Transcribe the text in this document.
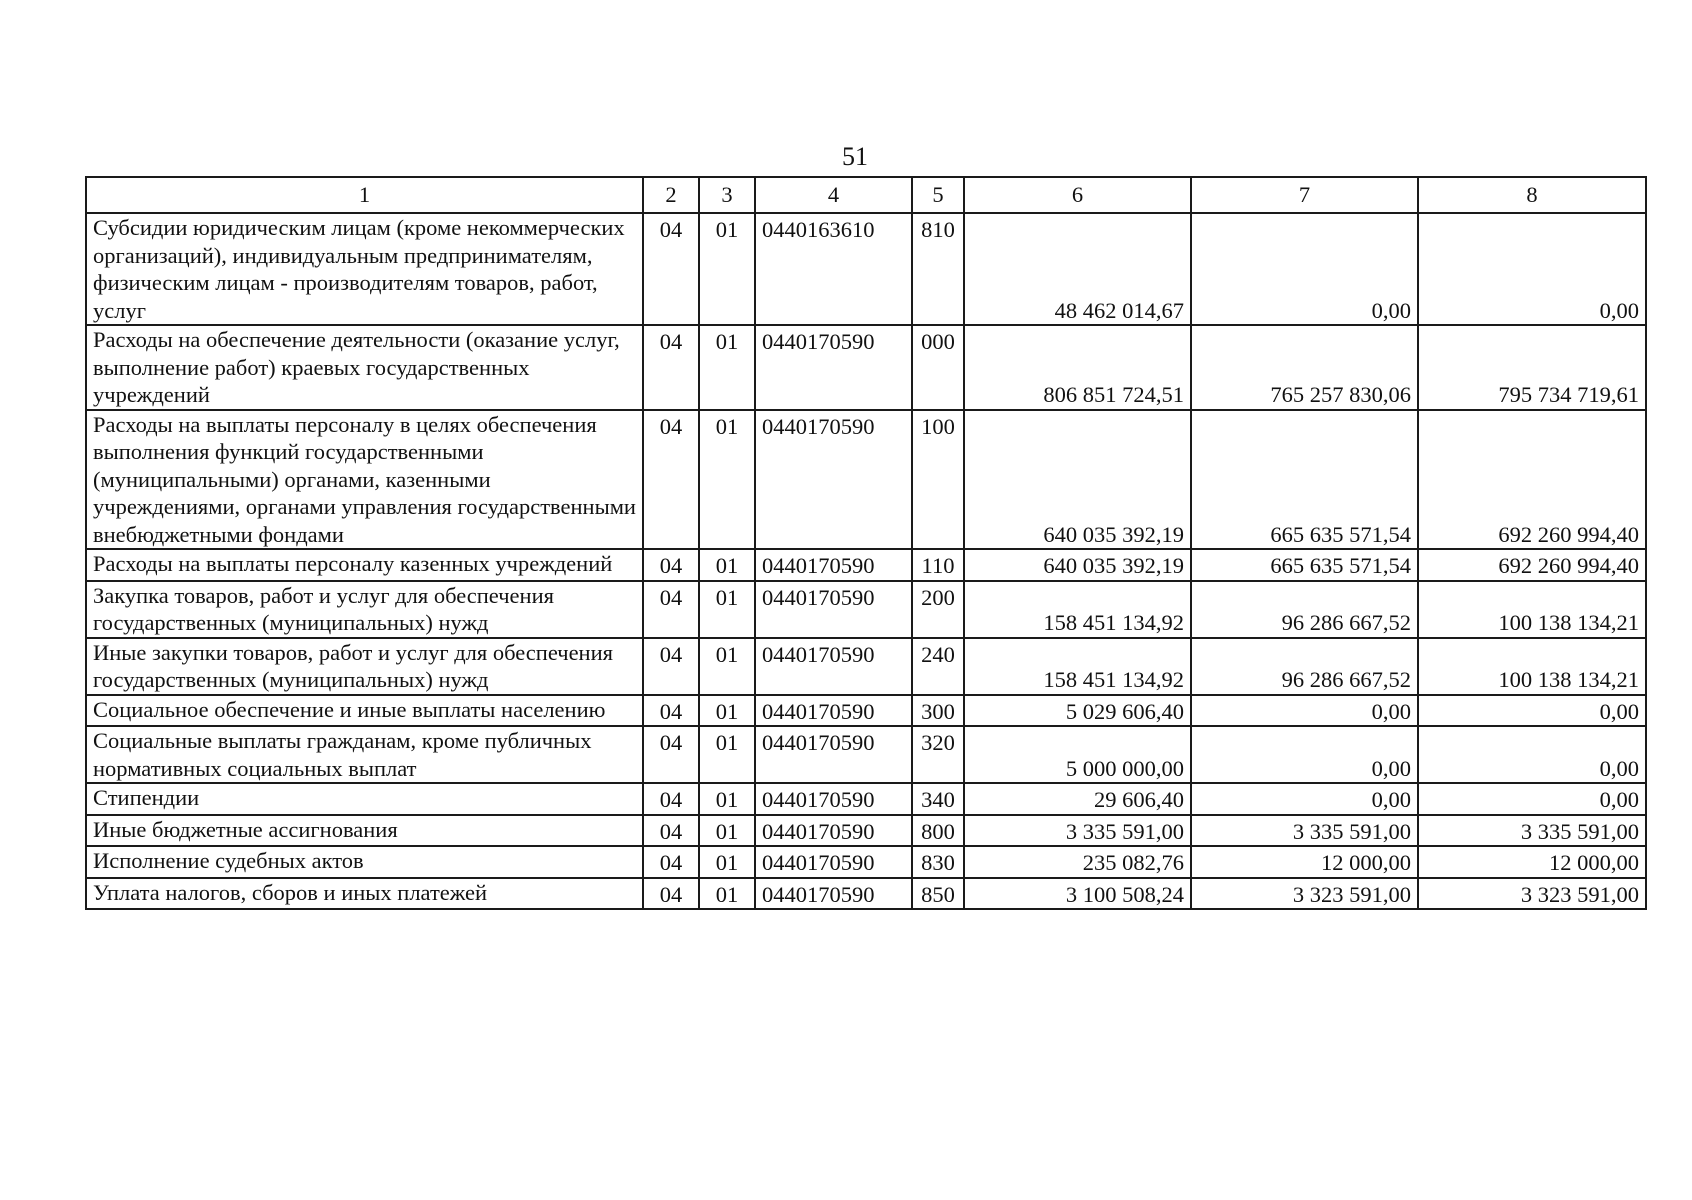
51
1	2	3	4	5	6	7	8
Субсидии юридическим лицам (кроме некоммерческих организаций), индивидуальным предпринимателям, физическим лицам - производителям товаров, работ, услуг	04	01	0440163610	810	48 462 014,67	0,00	0,00
Расходы на обеспечение деятельности (оказание услуг, выполнение работ) краевых государственных учреждений	04	01	0440170590	000	806 851 724,51	765 257 830,06	795 734 719,61
Расходы на выплаты персоналу в целях обеспечения выполнения функций государственными (муниципальными) органами, казенными учреждениями, органами управления государственными внебюджетными фондами	04	01	0440170590	100	640 035 392,19	665 635 571,54	692 260 994,40
Расходы на выплаты персоналу казенных учреждений	04	01	0440170590	110	640 035 392,19	665 635 571,54	692 260 994,40
Закупка товаров, работ и услуг для обеспечения государственных (муниципальных) нужд	04	01	0440170590	200	158 451 134,92	96 286 667,52	100 138 134,21
Иные закупки товаров, работ и услуг для обеспечения государственных (муниципальных) нужд	04	01	0440170590	240	158 451 134,92	96 286 667,52	100 138 134,21
Социальное обеспечение и иные выплаты населению	04	01	0440170590	300	5 029 606,40	0,00	0,00
Социальные выплаты гражданам, кроме публичных нормативных социальных выплат	04	01	0440170590	320	5 000 000,00	0,00	0,00
Стипендии	04	01	0440170590	340	29 606,40	0,00	0,00
Иные бюджетные ассигнования	04	01	0440170590	800	3 335 591,00	3 335 591,00	3 335 591,00
Исполнение судебных актов	04	01	0440170590	830	235 082,76	12 000,00	12 000,00
Уплата налогов, сборов и иных платежей	04	01	0440170590	850	3 100 508,24	3 323 591,00	3 323 591,00
